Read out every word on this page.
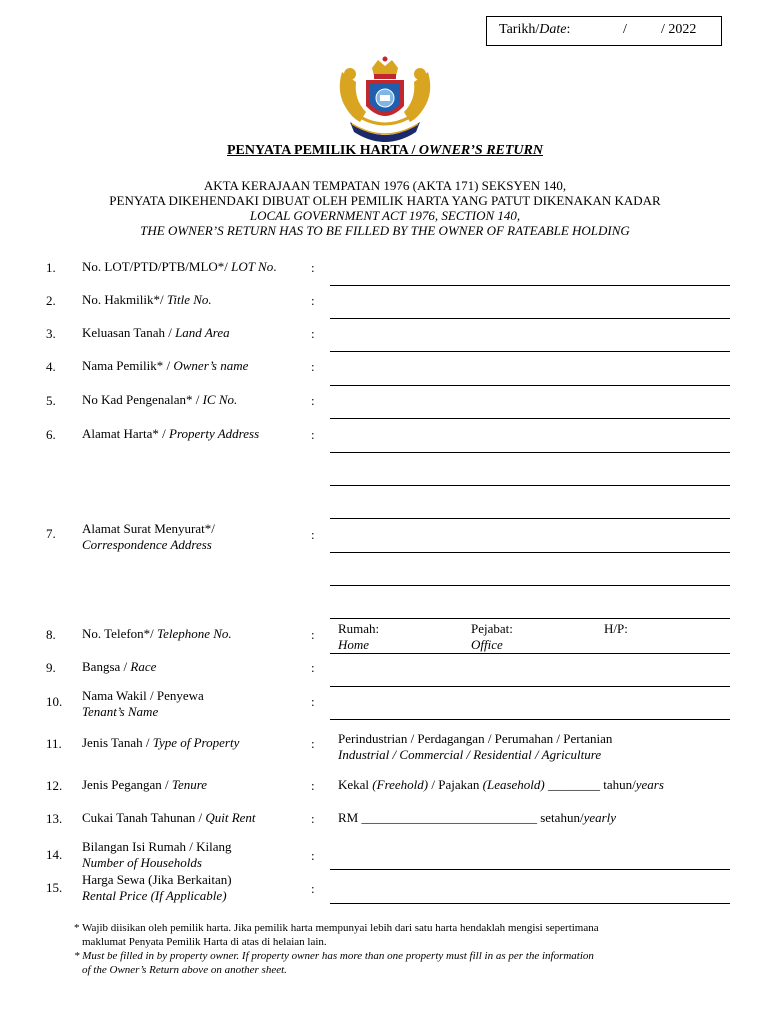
Tarikh/Date:	/ / 2022
PENYATA PEMILIK HARTA / OWNER’S RETURN
AKTA KERAJAAN TEMPATAN 1976 (AKTA 171) SEKSYEN 140,
PENYATA DIKEHENDAKI DIBUAT OLEH PEMILIK HARTA YANG PATUT DIKENAKAN KADAR
LOCAL GOVERNMENT ACT 1976, SECTION 140,
THE OWNER’S RETURN HAS TO BE FILLED BY THE OWNER OF RATEABLE HOLDING
1. No. LOT/PTD/PTB/MLO*/ LOT No.	:
2. No. Hakmilik*/ Title No.	:
3. Keluasan Tanah / Land Area	:
4. Nama Pemilik* / Owner’s name	:
5. No Kad Pengenalan* / IC No.	:
6. Alamat Harta* / Property Address	:
7. Alamat Surat Menyurat*/
Correspondence Address
:
8. No. Telefon*/ Telephone No.	: Rumah:
Home
Pejabat:
Office
H/P:
9. Bangsa / Race	:
10. Nama Wakil / Penyewa
Tenant’s Name
:
11. Jenis Tanah / Type of Property	: Perindustrian / Perdagangan / Perumahan / Pertanian
Industrial / Commercial / Residential / Agriculture
12. Jenis Pegangan / Tenure	: Kekal (Freehold) / Pajakan (Leasehold) ________ tahun/years
13. Cukai Tanah Tahunan / Quit Rent	: RM ___________________________ setahun/yearly
14.
Bilangan Isi Rumah / Kilang
Number of Households	:
15.
Harga Sewa (Jika Berkaitan)
Rental Price (If Applicable)	:
* Wajib diisikan oleh pemilik harta. Jika pemilik harta mempunyai lebih dari satu harta hendaklah mengisi sepertimana
maklumat Penyata Pemilik Harta di atas di helaian lain.
* Must be filled in by property owner. If property owner has more than one property must fill in as per the information
of the Owner’s Return above on another sheet.
